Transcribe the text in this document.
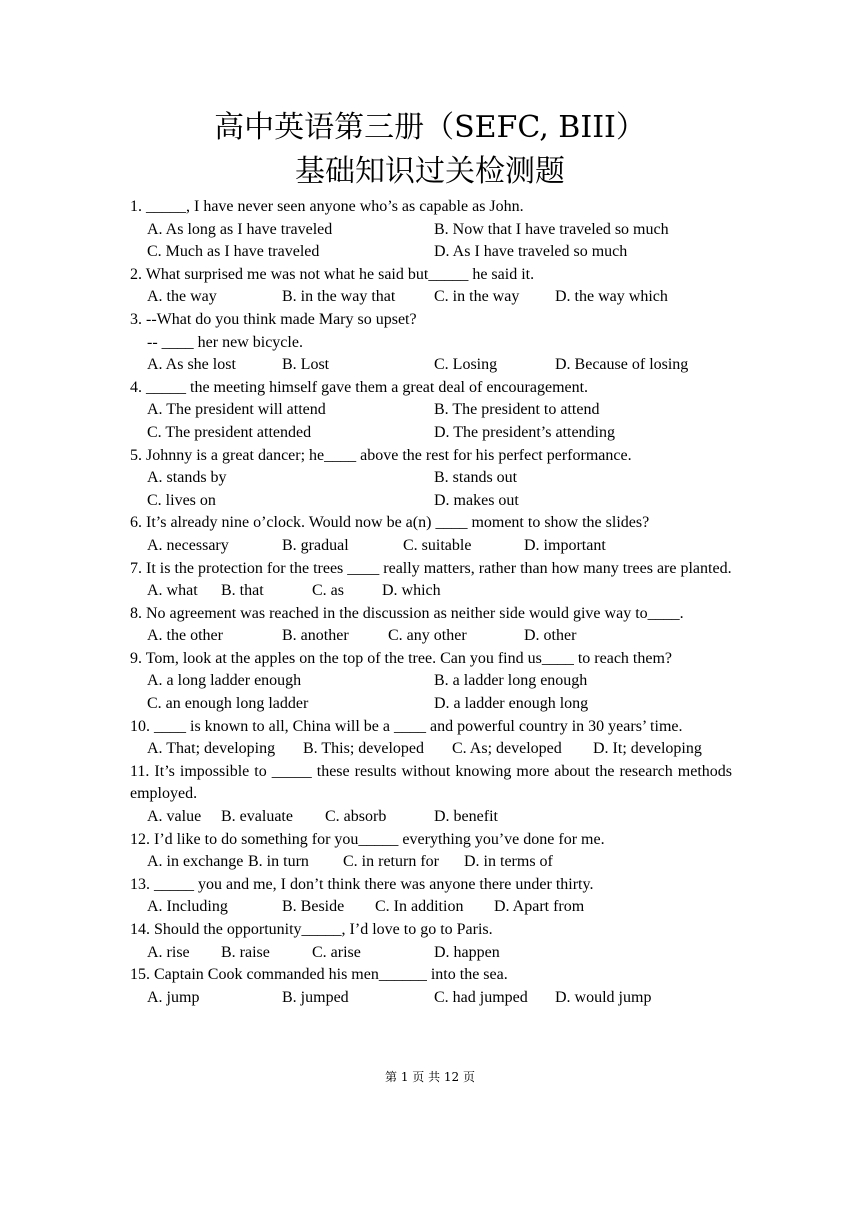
高中英语第三册（SEFC, BIII）
基础知识过关检测题

1. _____, I have never seen anyone who’s as capable as John.

A. As long as I have traveled	B. Now that I have traveled so much
C. Much as I have traveled	D. As I have traveled so much

2. What surprised me was not what he said but_____ he said it.

A. the way	B. in the way that C. in the way D. the way which

3. --What do you think made Mary so upset?

-- ____ her new bicycle.

A. As she lost	B. Lost	C. Losing	D. Because of losing

4. _____ the meeting himself gave them a great deal of encouragement.

A. The president will attend	B. The president to attend
C. The president attended	D. The president’s attending

5. Johnny is a great dancer; he____ above the rest for his perfect performance.

A. stands by	B. stands out
C. lives on	D. makes out

6. It’s already nine o’clock. Would now be a(n) ____ moment to show the slides?

A. necessary	B. gradual	C. suitable	D. important

7. It is the protection for the trees ____ really matters, rather than how many trees are planted.

A. what B. that	C. as D. which

8. No agreement was reached in the discussion as neither side would give way to____.

A. the other	B. another C. any other	D. other

9. Tom, look at the apples on the top of the tree. Can you find us____ to reach them?

A. a long ladder enough	B. a ladder long enough
C. an enough long ladder	D. a ladder enough long

10. ____ is known to all, China will be a ____ and powerful country in 30 years’ time.

A. That; developing B. This; developed C. As; developed D. It; developing

11. It’s impossible to _____ these results without knowing more about the research methods employed.

A. value B. evaluate C. absorb	D. benefit

12. I’d like to do something for you_____ everything you’ve done for me.

A. in exchange B. in turn C. in return for D. in terms of

13. _____ you and me, I don’t think there was anyone there under thirty.

A. Including	B. Beside C. In addition D. Apart from

14. Should the opportunity_____, I’d love to go to Paris.

A. rise B. raise	C. arise	D. happen

15. Captain Cook commanded his men______ into the sea.

A. jump	B. jumped	C. had jumped D. would jump
第 1 页 共 12 页
